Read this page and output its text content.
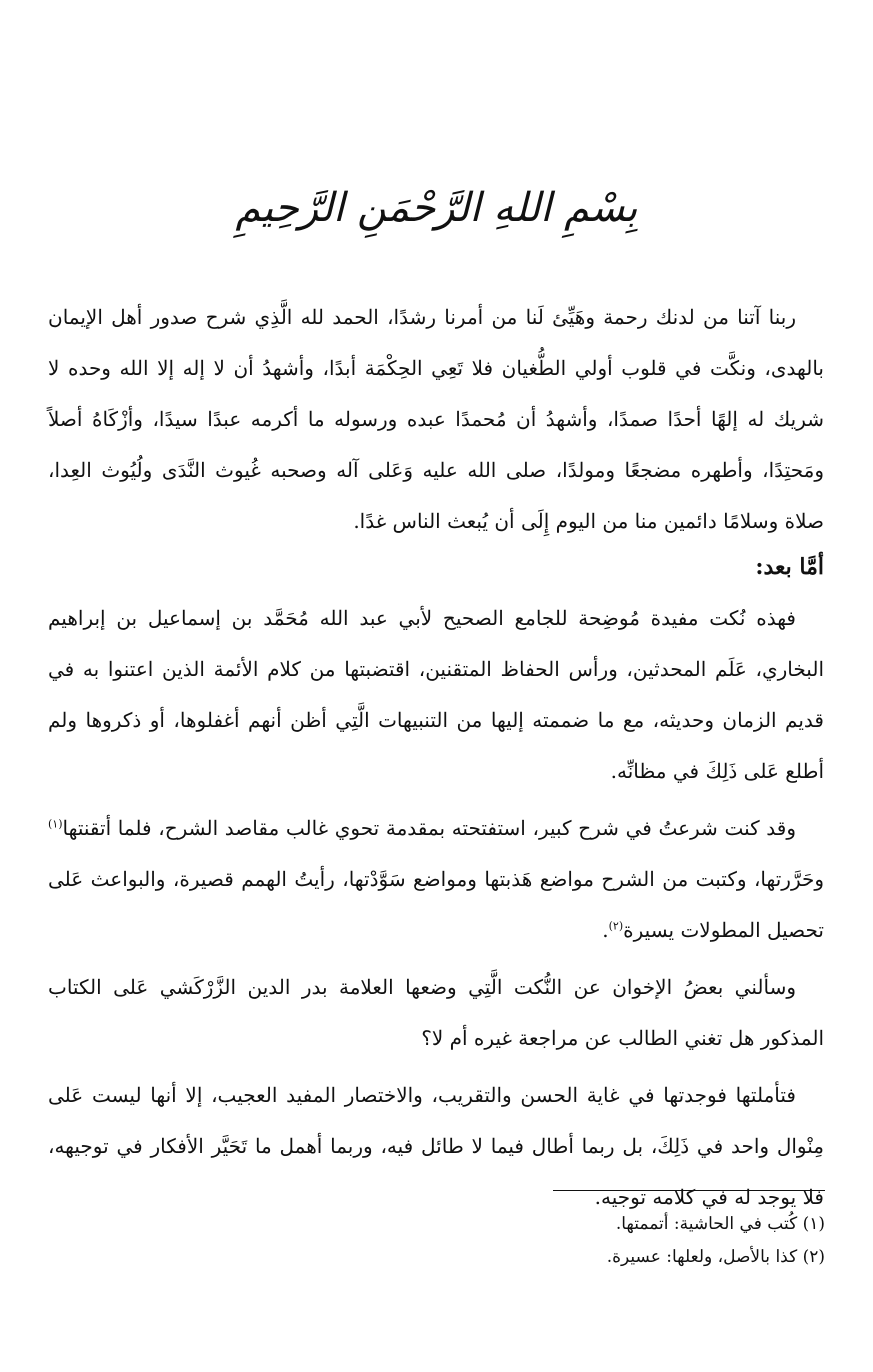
بِسْمِ اللهِ الرَّحْمَنِ الرَّحِيمِ

ربنا آتنا من لدنك رحمة وهَيِّئ لَنا من أمرنا رشدًا، الحمد لله الَّذِي شرح صدور أهل الإيمان بالهدى، ونكَّت في قلوب أولي الطُّغيان فلا تَعِي الحِكْمَة أبدًا، وأشهدُ أن لا إله إلا الله وحده لا شريك له إلهًا أحدًا صمدًا، وأشهدُ أن مُحمدًا عبده ورسوله ما أكرمه عبدًا سيدًا، وأزْكَاهُ أصلاً ومَحتِدًا، وأطهره مضجعًا ومولدًا، صلى الله عليه وَعَلى آله وصحبه غُيوث النَّدَى ولُيُوث العِدا، صلاة وسلامًا دائمين منا من اليوم إِلَى أن يُبعث الناس غدًا.

أمَّا بعد:

فهذه نُكت مفيدة مُوضِحة للجامع الصحيح لأبي عبد الله مُحَمَّد بن إسماعيل بن إبراهيم البخاري، عَلَم المحدثين، ورأس الحفاظ المتقنين، اقتضبتها من كلام الأئمة الذين اعتنوا به في قديم الزمان وحديثه، مع ما ضممته إليها من التنبيهات الَّتِي أظن أنهم أغفلوها، أو ذكروها ولم أطلع عَلى ذَلِكَ في مظانِّه.

وقد كنت شرعتُ في شرح كبير، استفتحته بمقدمة تحوي غالب مقاصد الشرح، فلما أتقنتها$^{(١)}$ وحَرَّرتها، وكتبت من الشرح مواضع هَذبتها ومواضع سَوَّدْتها، رأيتُ الهمم قصيرة، والبواعث عَلى تحصيل المطولات يسيرة$^{(٢)}$.

وسألني بعضُ الإخوان عن النُّكت الَّتِي وضعها العلامة بدر الدين الزَّرْكَشي عَلى الكتاب المذكور هل تغني الطالب عن مراجعة غيره أم لا؟

فتأملتها فوجدتها في غاية الحسن والتقريب، والاختصار المفيد العجيب، إلا أنها ليست عَلى مِنْوال واحد في ذَلِكَ، بل ربما أطال فيما لا طائل فيه، وربما أهمل ما تَحَيَّر الأفكار في توجيهه، فلا يوجد له في كلامه توجيه.

(١) كُتب في الحاشية: أتممتها.
(٢) كذا بالأصل، ولعلها: عسيرة.
